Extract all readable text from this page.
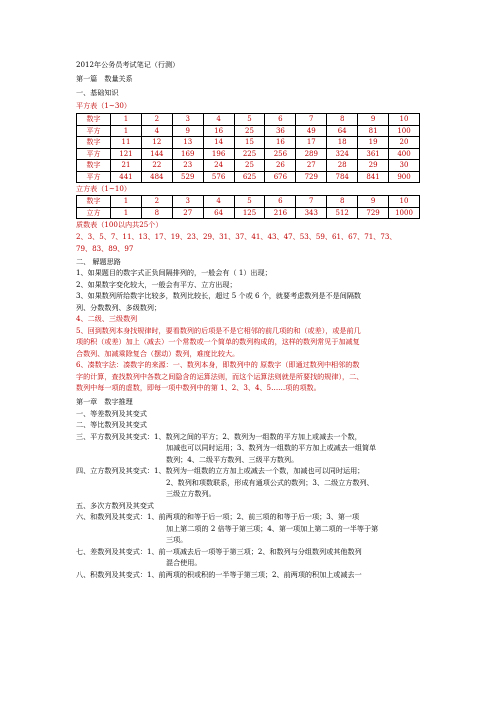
2012年公务员考试笔记（行测）
第一篇　数量关系
一、基础知识
平方表（1~30）
数字	1	2	3	4	5	6	7	8	9	10
平方	1	4	9	16	25	36	49	64	81	100
数字	11	12	13	14	15	16	17	18	19	20
平方	121	144	169	196	225	256	289	324	361	400
数字	21	22	23	24	25	26	27	28	29	30
平方	441	484	529	576	625	676	729	784	841	900
立方表（1~10）
数字	1	2	3	4	5	6	7	8	9	10
立方	1	8	27	64	125	216	343	512	729	1000
质数表（100以内共25个）
2、3、5、7、11、13、17、19、23、29、31、37、41、43、47、53、59、61、67、71、73、
79、83、89、97
二、 解题思路
1、如果题目的数字式正负间隔排列的，一般会有（ 1）出现；
2、如果数字变化较大，一般会有平方、立方出现；
3、如果数列所给数字比较多，数列比较长，超过 5 个或 6 个，就要考虑数列是不是间隔数
列、分数数列、多级数列；
4、二级、三级数列
5、回到数列本身找规律时，要看数列的后项是不是它相邻的前几项的和（或差），或是前几
项的积（或差）加上（减去）一个常数或一个简单的数列构成的，这样的数列常见于加减复
合数列、加减乘除复合（摆动）数列，难度比较大。
6、凑数字法：凑数字的来源：一、数列本身，即数列中的 原数字（即通过数列中相邻的数
字的计算，查找数列中各数之间隐含的运算法则，而这个运算法则就是所要找的规律），二、
数列中每一项的虚数，即每一项中数列中的第 1、2、3、4、5……项的项数。
第一章　数字推理
一、等差数列及其变式
二、等比数列及其变式
三、平方数列及其变式：1、数列之间的平方；2、数列为一组数的平方加上或减去一个数，
加减也可以同时运用；3、数列为一组数的平方加上或减去一组简单
数列；4、二级平方数列、三级平方数列。
四、立方数列及其变式：1、数列为一组数的立方加上或减去一个数，加减也可以同时运用；
2、数列和项数联系，形成有通项公式的数列；3、二级立方数列、
三级立方数列。
五、多次方数列及其变式
六、和数列及其变式：1、前两项的和等于后一项；2、前三项的和等于后一项；3、第一项
加上第二项的 2 倍等于第三项；4、第一项加上第二项的一半等于第
三项。
七、差数列及其变式：1、前一项减去后一项等于第三项；2、和数列与分组数列或其他数列
混合使用。
八、积数列及其变式：1、前两项的积或积的一半等于第三项；2、前两项的积加上或减去一
